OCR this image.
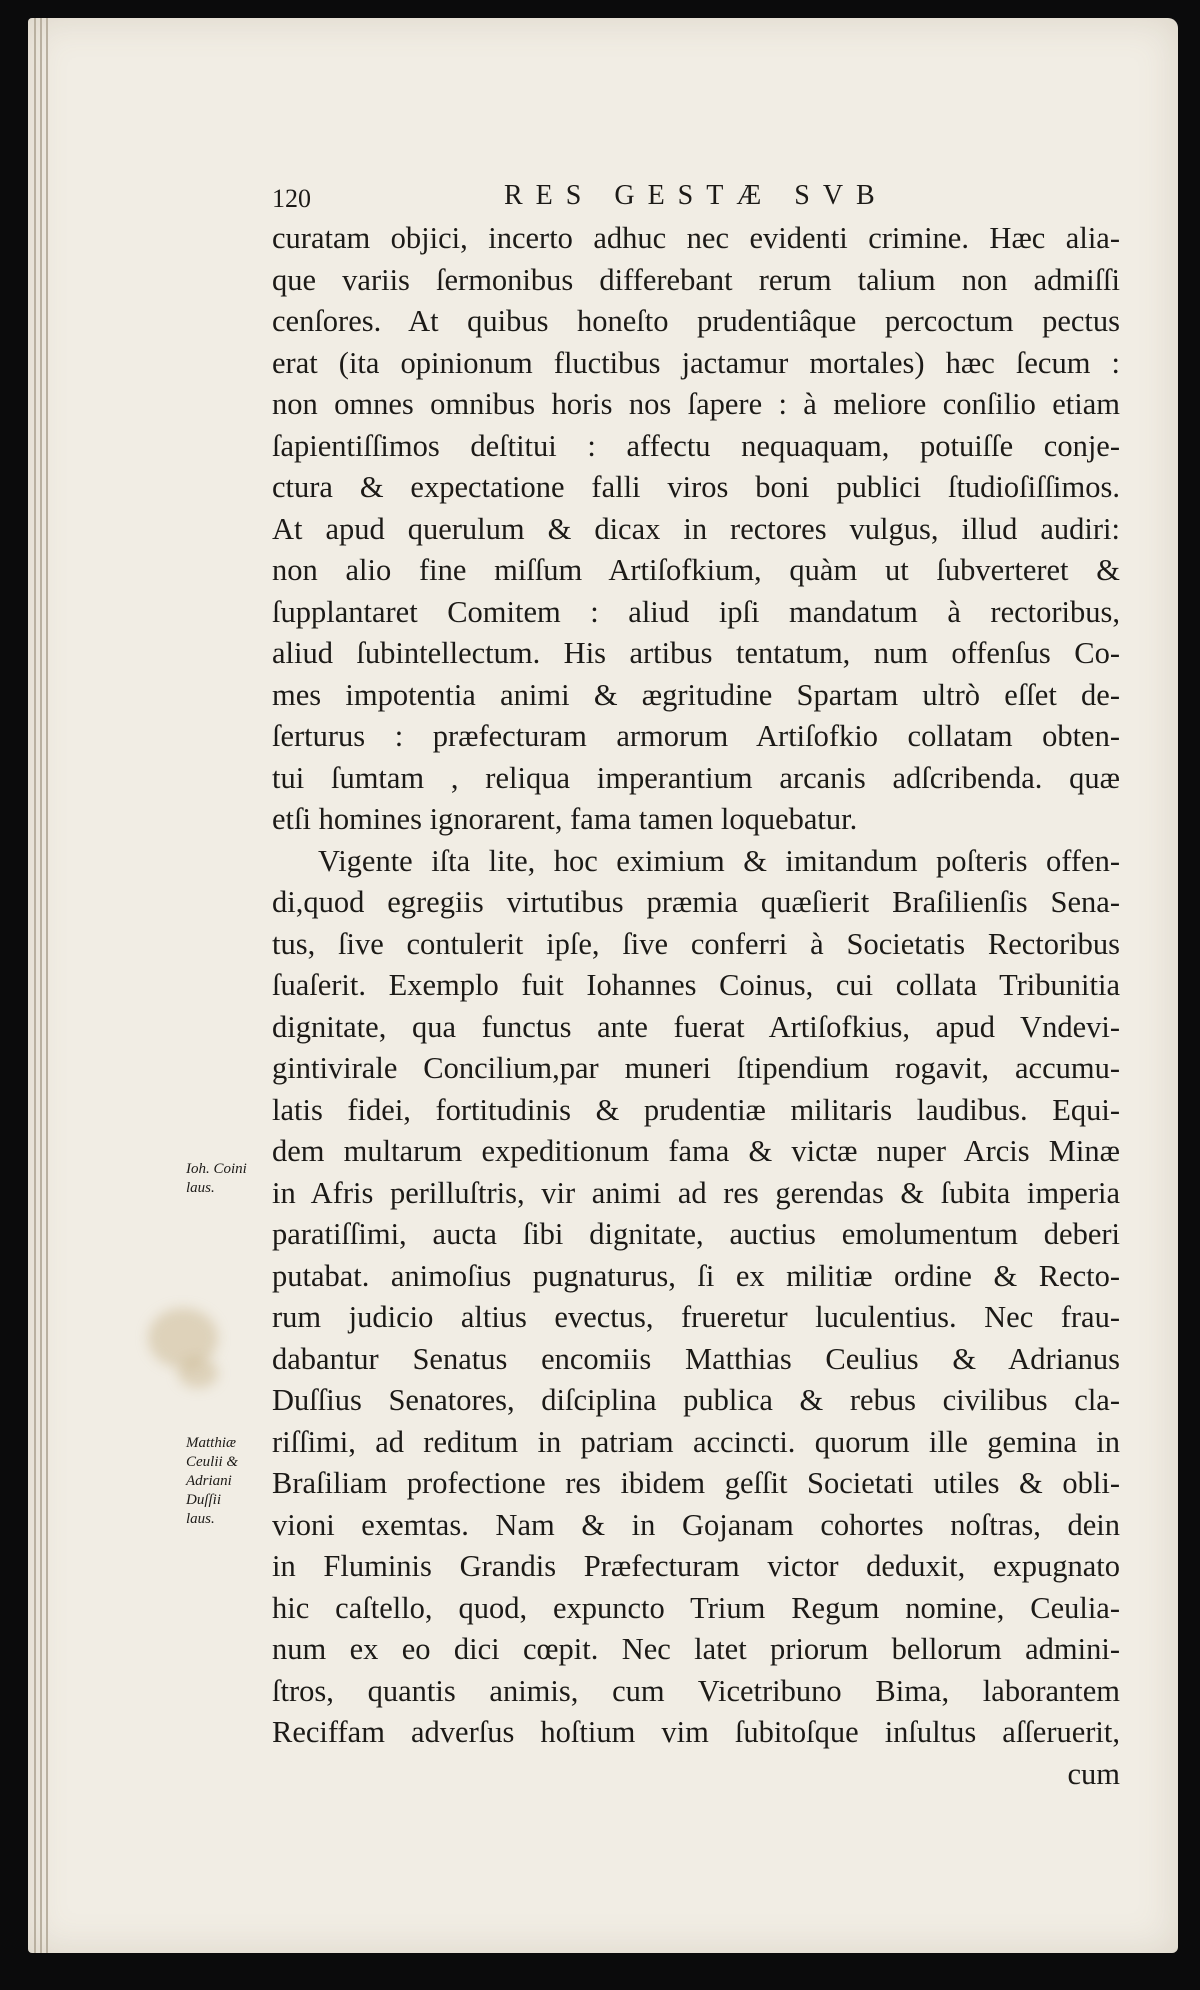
120	RES GESTÆ SVB
curatam objici, incerto adhuc nec evidenti crimine. Hæc alia-
que variis ſermonibus differebant rerum talium non admiſſi
cenſores. At quibus honeſto prudentiâque percoctum pectus
erat (ita opinionum fluctibus jactamur mortales) hæc ſecum :
non omnes omnibus horis nos ſapere : à meliore conſilio etiam
ſapientiſſimos deſtitui : affectu nequaquam, potuiſſe conje-
ctura & expectatione falli viros boni publici ſtudioſiſſimos.
At apud querulum & dicax in rectores vulgus, illud audiri:
non alio fine miſſum Artiſofkium, quàm ut ſubverteret &
ſupplantaret Comitem : aliud ipſi mandatum à rectoribus,
aliud ſubintellectum. His artibus tentatum, num offenſus Co-
mes impotentia animi & ægritudine Spartam ultrò eſſet de-
ſerturus : præfecturam armorum Artiſofkio collatam obten-
tui ſumtam , reliqua imperantium arcanis adſcribenda. quæ
etſi homines ignorarent, fama tamen loquebatur.
Vigente iſta lite, hoc eximium & imitandum poſteris offen-
di,quod egregiis virtutibus præmia quæſierit Braſilienſis Sena-
tus, ſive contulerit ipſe, ſive conferri à Societatis Rectoribus
ſuaſerit. Exemplo fuit Iohannes Coinus, cui collata Tribunitia
dignitate, qua functus ante fuerat Artiſofkius, apud Vndevi-
gintivirale Concilium,par muneri ſtipendium rogavit, accumu-
latis fidei, fortitudinis & prudentiæ militaris laudibus. Equi-
dem multarum expeditionum fama & victæ nuper Arcis Minæ
in Afris perilluſtris, vir animi ad res gerendas & ſubita imperia
paratiſſimi, aucta ſibi dignitate, auctius emolumentum deberi
putabat. animoſius pugnaturus, ſi ex militiæ ordine & Recto-
rum judicio altius evectus, frueretur luculentius. Nec frau-
dabantur Senatus encomiis Matthias Ceulius & Adrianus
Duſſius Senatores, diſciplina publica & rebus civilibus cla-
riſſimi, ad reditum in patriam accincti. quorum ille gemina in
Braſiliam profectione res ibidem geſſit Societati utiles & obli-
vioni exemtas. Nam & in Gojanam cohortes noſtras, dein
in Fluminis Grandis Præfecturam victor deduxit, expugnato
hic caſtello, quod, expuncto Trium Regum nomine, Ceulia-
num ex eo dici cœpit. Nec latet priorum bellorum admini-
ſtros, quantis animis, cum Vicetribuno Bima, laborantem
Reciffam adverſus hoſtium vim ſubitoſque inſultus aſſeruerit,
cum
Ioh. Coini
laus.
Matthiæ
Ceulii &
Adriani
Duſſii
laus.
